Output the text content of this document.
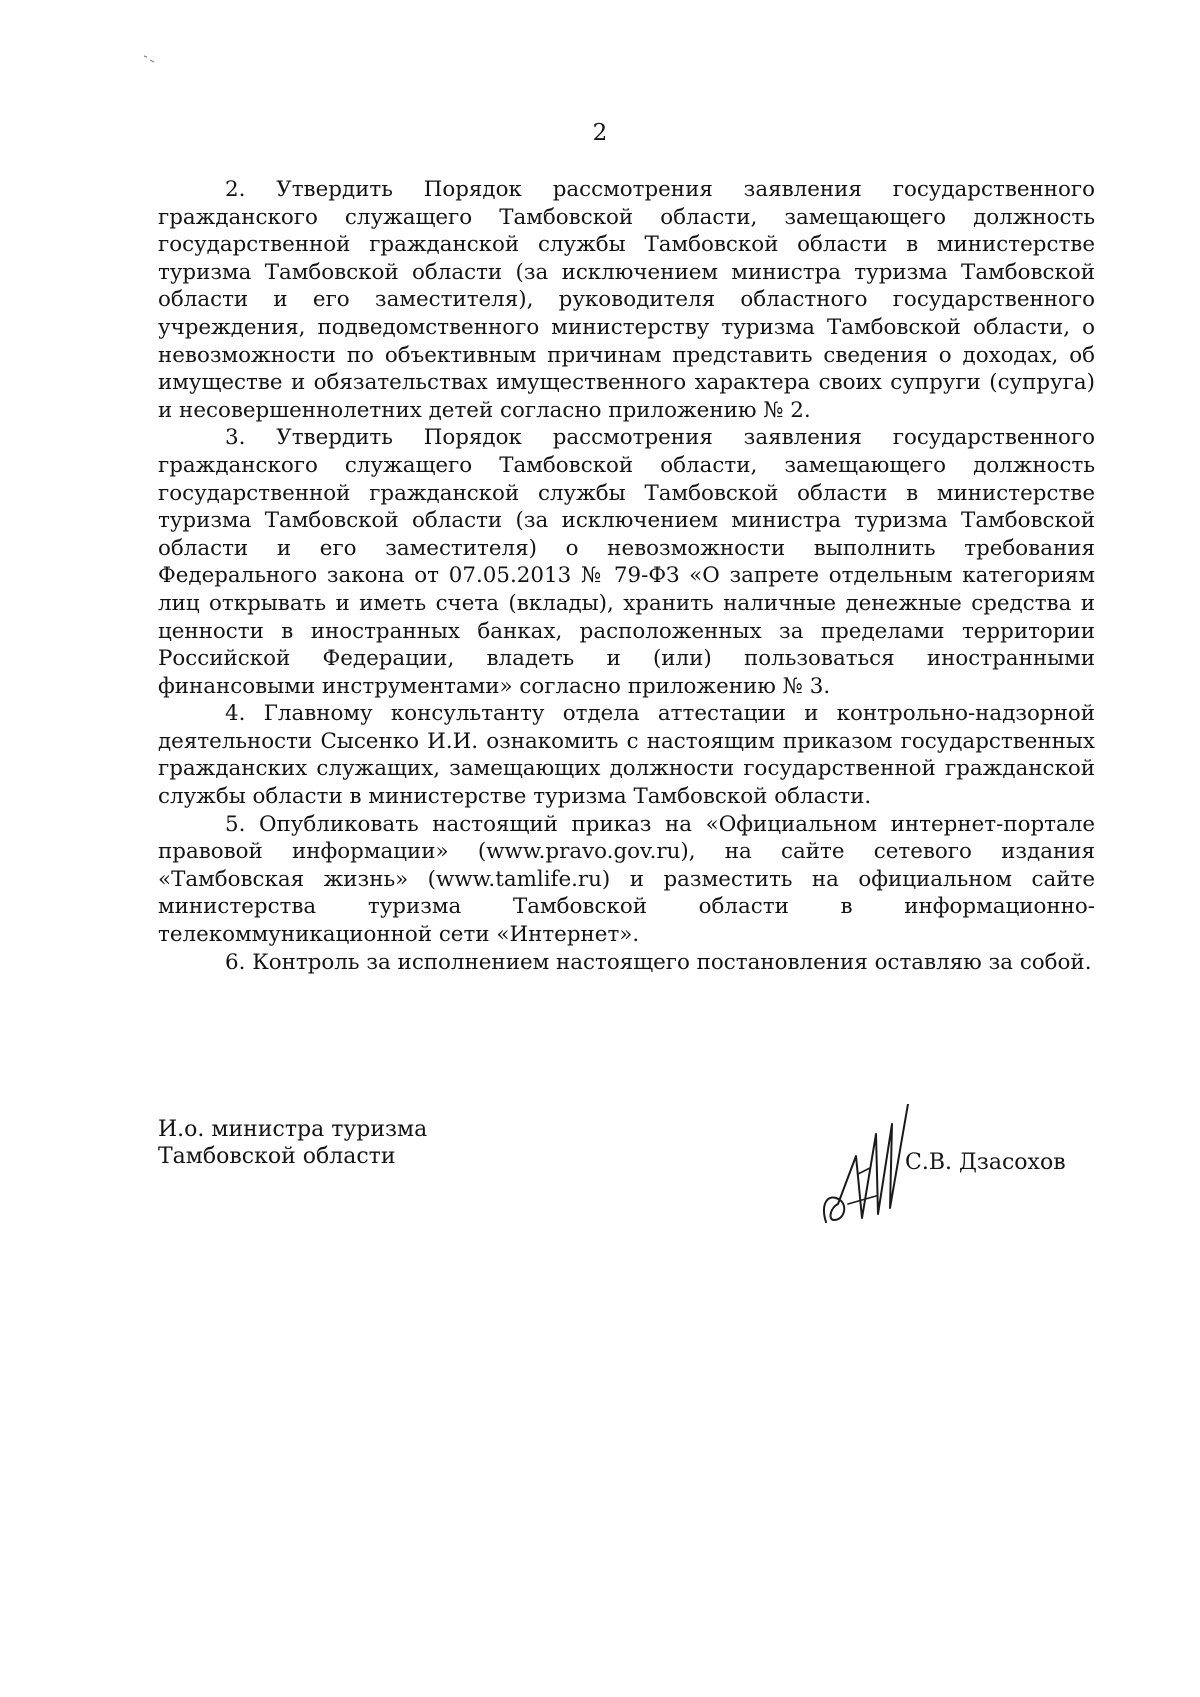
2

2. Утвердить Порядок рассмотрения заявления государственного гражданского служащего Тамбовской области, замещающего должность государственной гражданской службы Тамбовской области в министерстве туризма Тамбовской области (за исключением министра туризма Тамбовской области и его заместителя), руководителя областного государственного учреждения, подведомственного министерству туризма Тамбовской области, о невозможности по объективным причинам представить сведения о доходах, об имуществе и обязательствах имущественного характера своих супруги (супруга) и несовершеннолетних детей согласно приложению № 2.

3. Утвердить Порядок рассмотрения заявления государственного гражданского служащего Тамбовской области, замещающего должность государственной гражданской службы Тамбовской области в министерстве туризма Тамбовской области (за исключением министра туризма Тамбовской области и его заместителя) о невозможности выполнить требования Федерального закона от 07.05.2013 № 79-ФЗ «О запрете отдельным категориям лиц открывать и иметь счета (вклады), хранить наличные денежные средства и ценности в иностранных банках, расположенных за пределами территории Российской Федерации, владеть и (или) пользоваться иностранными финансовыми инструментами» согласно приложению № 3.

4. Главному консультанту отдела аттестации и контрольно-надзорной деятельности Сысенко И.И. ознакомить с настоящим приказом государственных гражданских служащих, замещающих должности государственной гражданской службы области в министерстве туризма Тамбовской области.

5. Опубликовать настоящий приказ на «Официальном интернет-портале правовой информации» (www.pravo.gov.ru), на сайте сетевого издания «Тамбовская жизнь» (www.tamlife.ru) и разместить на официальном сайте министерства туризма Тамбовской области в информационно-телекоммуникационной сети «Интернет».

6. Контроль за исполнением настоящего постановления оставляю за собой.

И.о. министра туризма
Тамбовской области	С.В. Дзасохов
